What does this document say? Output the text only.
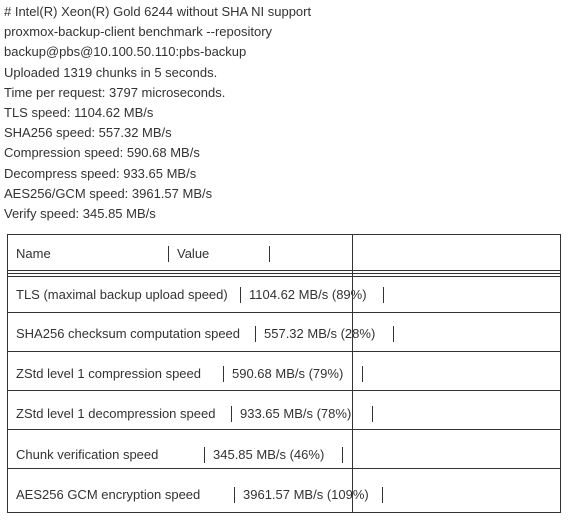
# Intel(R) Xeon(R) Gold 6244 without SHA NI support
proxmox-backup-client benchmark --repository
backup@pbs@10.100.50.110:pbs-backup
Uploaded 1319 chunks in 5 seconds.
Time per request: 3797 microseconds.
TLS speed: 1104.62 MB/s
SHA256 speed: 557.32 MB/s
Compression speed: 590.68 MB/s
Decompress speed: 933.65 MB/s
AES256/GCM speed: 3961.57 MB/s
Verify speed: 345.85 MB/s
Name	Value
TLS (maximal backup upload speed) 1104.62 MB/s (89%)
SHA256 checksum computation speed 557.32 MB/s (28%)
ZStd level 1 compression speed 590.68 MB/s (79%)
ZStd level 1 decompression speed 933.65 MB/s (78%)
Chunk verification speed	345.85 MB/s (46%)
AES256 GCM encryption speed	3961.57 MB/s (109%)
